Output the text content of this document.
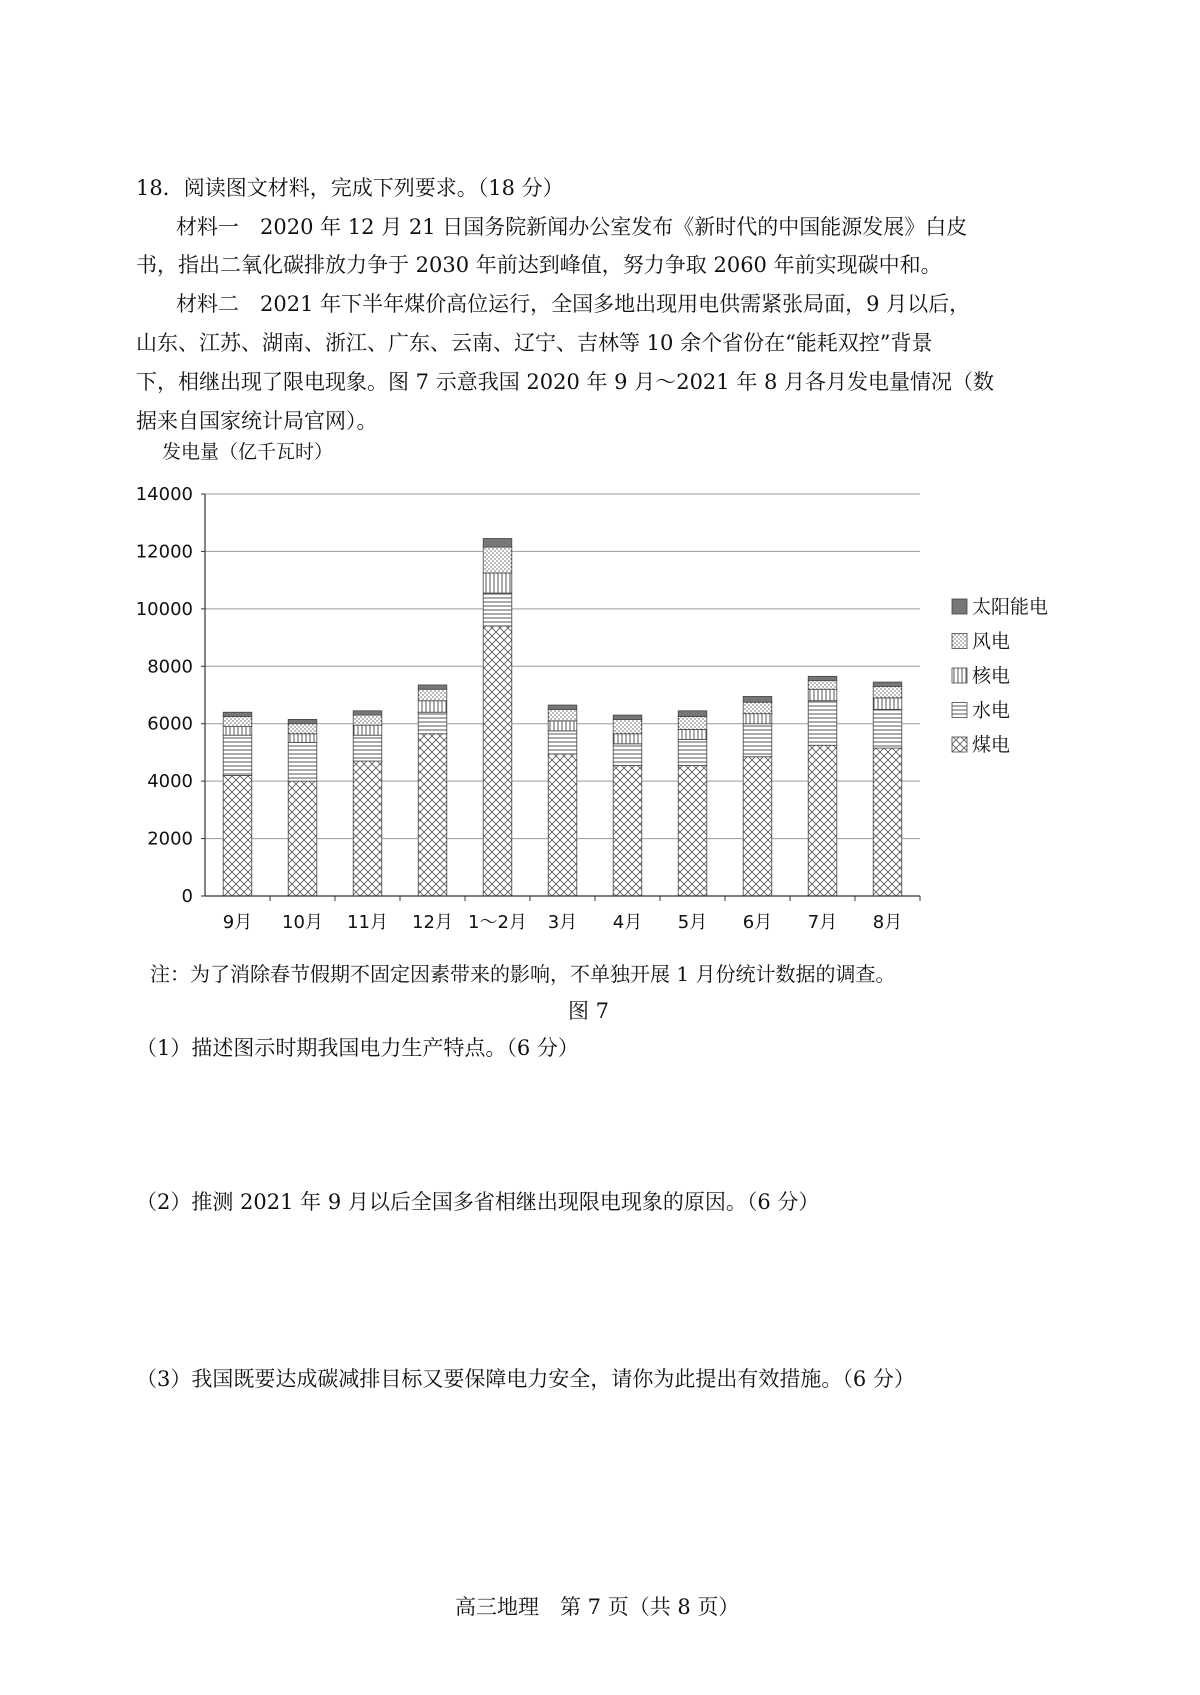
18．阅读图文材料，完成下列要求。（18 分）
材料一　2020 年 12 月 21 日国务院新闻办公室发布《新时代的中国能源发展》白皮
书，指出二氧化碳排放力争于 2030 年前达到峰值，努力争取 2060 年前实现碳中和。
材料二　2021 年下半年煤价高位运行，全国多地出现用电供需紧张局面，9 月以后，
山东、江苏、湖南、浙江、广东、云南、辽宁、吉林等 10 余个省份在“能耗双控”背景
下，相继出现了限电现象。图 7 示意我国 2020 年 9 月～2021 年 8 月各月发电量情况（数
据来自国家统计局官网）。
发电量（亿千瓦时）
0
2000
4000
6000
8000
10000
12000
14000
9月 10月 11月 12月 1～2月 3月 4月 5月 6月 7月 8月
太阳能电
风电
核电
水电
煤电
注：为了消除春节假期不固定因素带来的影响，不单独开展 1 月份统计数据的调查。
图 7
（1）描述图示时期我国电力生产特点。（6 分）
（2）推测 2021 年 9 月以后全国多省相继出现限电现象的原因。（6 分）
（3）我国既要达成碳减排目标又要保障电力安全，请你为此提出有效措施。（6 分）
高三地理　第 7 页（共 8 页）
